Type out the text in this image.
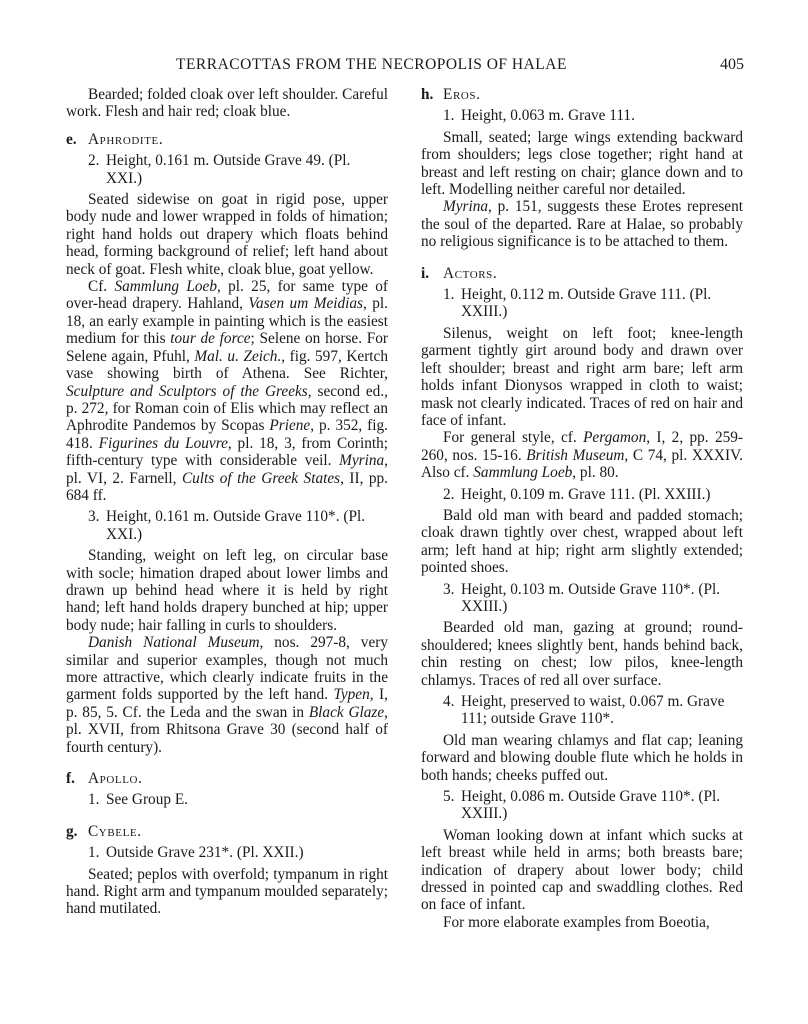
TERRACOTTAS FROM THE NECROPOLIS OF HALAE	405

Bearded; folded cloak over left shoulder. Careful work. Flesh and hair red; cloak blue.

e. Aphrodite.

2. Height, 0.161 m. Outside Grave 49. (Pl. XXI.)

Seated sidewise on goat in rigid pose, upper body nude and lower wrapped in folds of himation; right hand holds out drapery which floats behind head, forming background of relief; left hand about neck of goat. Flesh white, cloak blue, goat yellow.

Cf. Sammlung Loeb, pl. 25, for same type of over-head drapery. Hahland, Vasen um Meidias, pl. 18, an early example in painting which is the easiest medium for this tour de force; Selene on horse. For Selene again, Pfuhl, Mal. u. Zeich., fig. 597, Kertch vase showing birth of Athena. See Richter, Sculpture and Sculptors of the Greeks, second ed., p. 272, for Roman coin of Elis which may reflect an Aphrodite Pandemos by Scopas Priene, p. 352, fig. 418. Figurines du Louvre, pl. 18, 3, from Corinth; fifth-century type with considerable veil. Myrina, pl. VI, 2. Farnell, Cults of the Greek States, II, pp. 684 ff.

3. Height, 0.161 m. Outside Grave 110*. (Pl. XXI.)

Standing, weight on left leg, on circular base with socle; himation draped about lower limbs and drawn up behind head where it is held by right hand; left hand holds drapery bunched at hip; upper body nude; hair falling in curls to shoulders.

Danish National Museum, nos. 297-8, very similar and superior examples, though not much more attractive, which clearly indicate fruits in the garment folds supported by the left hand. Typen, I, p. 85, 5. Cf. the Leda and the swan in Black Glaze, pl. XVII, from Rhitsona Grave 30 (second half of fourth century).

f. Apollo.

1. See Group E.

g. Cybele.

1. Outside Grave 231*. (Pl. XXII.)

Seated; peplos with overfold; tympanum in right hand. Right arm and tympanum moulded separately; hand mutilated.

h. Eros.

1. Height, 0.063 m. Grave 111.

Small, seated; large wings extending backward from shoulders; legs close together; right hand at breast and left resting on chair; glance down and to left. Modelling neither careful nor detailed.

Myrina, p. 151, suggests these Erotes represent the soul of the departed. Rare at Halae, so probably no religious significance is to be attached to them.

i. Actors.

1. Height, 0.112 m. Outside Grave 111. (Pl. XXIII.)

Silenus, weight on left foot; knee-length garment tightly girt around body and drawn over left shoulder; breast and right arm bare; left arm holds infant Dionysos wrapped in cloth to waist; mask not clearly indicated. Traces of red on hair and face of infant.

For general style, cf. Pergamon, I, 2, pp. 259-260, nos. 15-16. British Museum, C 74, pl. XXXIV. Also cf. Sammlung Loeb, pl. 80.

2. Height, 0.109 m. Grave 111. (Pl. XXIII.)

Bald old man with beard and padded stomach; cloak drawn tightly over chest, wrapped about left arm; left hand at hip; right arm slightly extended; pointed shoes.

3. Height, 0.103 m. Outside Grave 110*. (Pl. XXIII.)

Bearded old man, gazing at ground; round-shouldered; knees slightly bent, hands behind back, chin resting on chest; low pilos, knee-length chlamys. Traces of red all over surface.

4. Height, preserved to waist, 0.067 m. Grave 111; outside Grave 110*.

Old man wearing chlamys and flat cap; leaning forward and blowing double flute which he holds in both hands; cheeks puffed out.

5. Height, 0.086 m. Outside Grave 110*. (Pl. XXIII.)

Woman looking down at infant which sucks at left breast while held in arms; both breasts bare; indication of drapery about lower body; child dressed in pointed cap and swaddling clothes. Red on face of infant.

For more elaborate examples from Boeotia,
